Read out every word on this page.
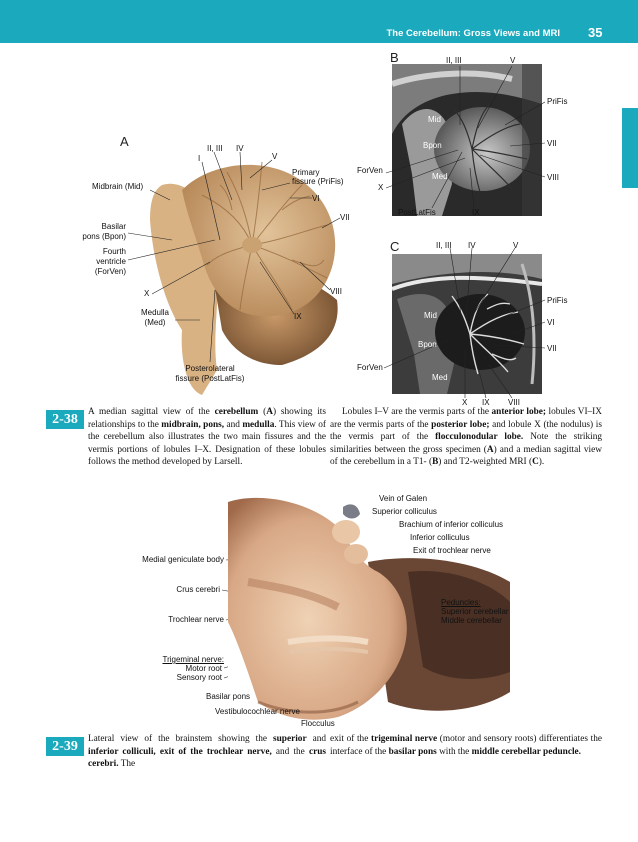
The Cerebellum: Gross Views and MRI 35
A
B
C
I
II, III IV
V
Primary
fissure (PriFis)
VI
VII
VIII
IX
X
Midbrain (Mid)
Basilar
pons (Bpon)
Fourth
ventricle
(ForVen)
Medulla
(Med)
Posterolateral
fissure (PostLatFis)
II, III	V
PriFis
Mid
Bpon	VII
ForVen
Med	VIII
X
PostLatFis	IX
II, III IV	V
PriFis
Mid
VI
Bpon	VII
ForVen
Med
X IX VIII
2-38	A median sagittal view of the cerebellum (A) showing its relationships to the midbrain, pons, and medulla. This view of the cerebellum also illustrates the two main fissures and the vermis portions of lobules I–X. Designation of these lobules follows the method developed by Larsell.
Lobules I–V are the vermis parts of the anterior lobe; lobules VI–IX are the vermis parts of the posterior lobe; and lobule X (the nodulus) is the vermis part of the flocculonodular lobe. Note the striking similarities between the gross specimen (A) and a median sagittal view of the cerebellum in a T1- (B) and T2-weighted MRI (C).
Vein of Galen
Superior colliculus
Brachium of inferior colliculus
Inferior colliculus
Exit of trochlear nerve
Medial geniculate body
Crus cerebri
Peduncles:
Superior cerebellar
Middle cerebellar
Trochlear nerve
Trigeminal nerve:
Motor root
Sensory root
Basilar pons
Vestibulocochlear nerve
Flocculus
2-39	Lateral view of the brainstem showing the superior and inferior colliculi, exit of the trochlear nerve, and the crus cerebri. The
exit of the trigeminal nerve (motor and sensory roots) differentiates the interface of the basilar pons with the middle cerebellar peduncle.
